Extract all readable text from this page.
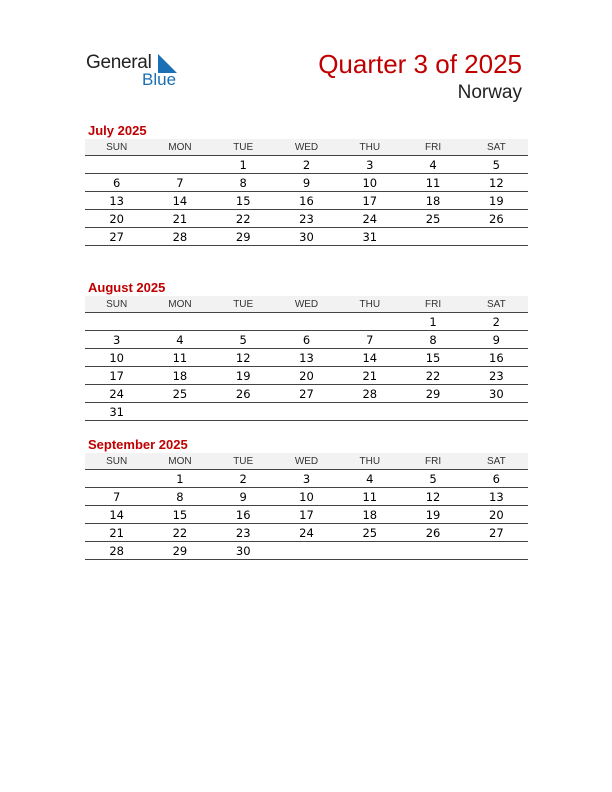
General
Blue
Quarter 3 of 2025
Norway
July 2025
SUN	MON	TUE	WED	THU	FRI	SAT
		1	2	3	4	5
6	7	8	9	10	11	12
13	14	15	16	17	18	19
20	21	22	23	24	25	26
27	28	29	30	31		
August 2025
SUN	MON	TUE	WED	THU	FRI	SAT
					1	2
3	4	5	6	7	8	9
10	11	12	13	14	15	16
17	18	19	20	21	22	23
24	25	26	27	28	29	30
31						
September 2025
SUN	MON	TUE	WED	THU	FRI	SAT
	1	2	3	4	5	6
7	8	9	10	11	12	13
14	15	16	17	18	19	20
21	22	23	24	25	26	27
28	29	30				
